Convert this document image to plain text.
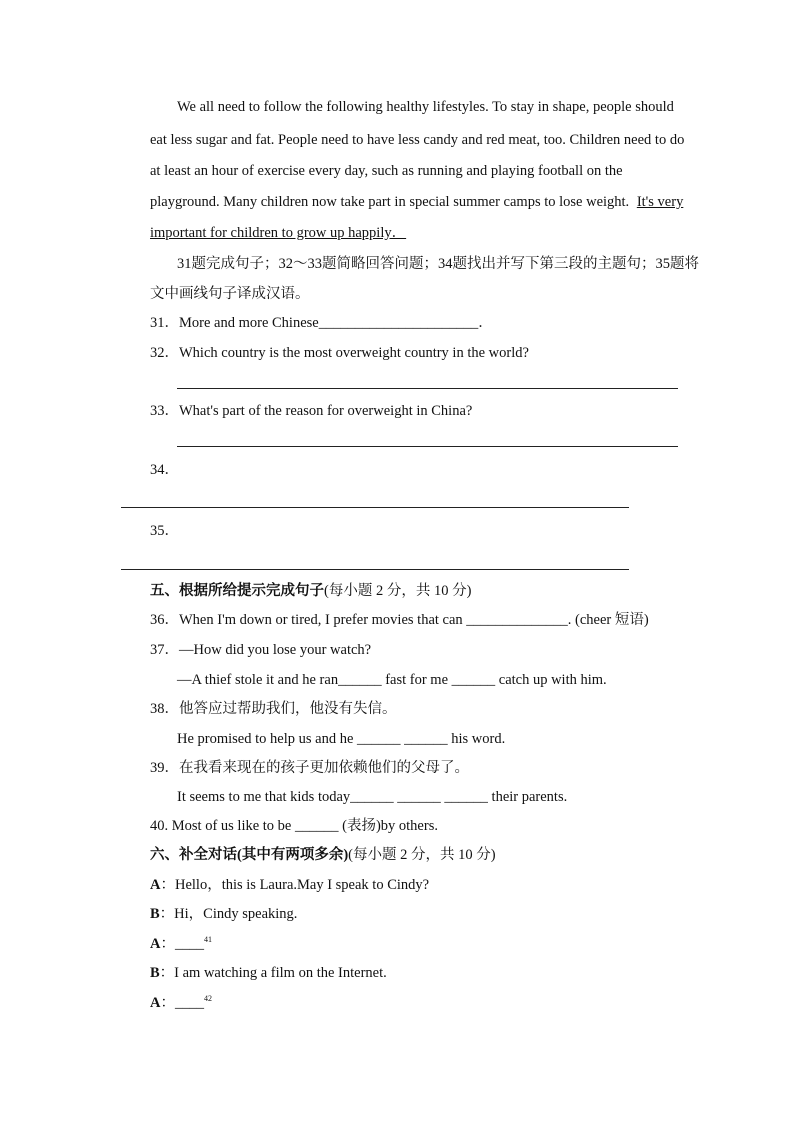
We all need to follow the following healthy lifestyles. To stay in shape, people should
eat less sugar and fat. People need to have less candy and red meat, too. Children need to do
at least an hour of exercise every day, such as running and playing football on the
playground. Many children now take part in special summer camps to lose weight. It's very
important for children to grow up happily．
31题完成句子；32～33题简略回答问题；34题找出并写下第三段的主题句；35题将
文中画线句子译成汉语。
31．More and more Chinese______________________．
32．Which country is the most overweight country in the world?
33．What's part of the reason for overweight in China?
34．
35．
五、根据所给提示完成句子(每小题 2 分，共 10 分)
36．When I'm down or tired, I prefer movies that can ______________. (cheer 短语)
37．—How did you lose your watch?
—A thief stole it and he ran______ fast for me ______ catch up with him.
38．他答应过帮助我们，他没有失信。
He promised to help us and he ______ ______ his word.
39．在我看来现在的孩子更加依赖他们的父母了。
It seems to me that kids today______ ______ ______ their parents.
40. Most of us like to be ______ (表扬)by others.
六、补全对话(其中有两项多余)(每小题 2 分，共 10 分)
A：Hello，this is Laura.May I speak to Cindy?
B：Hi，Cindy speaking.
A：____$^{41}$
B：I am watching a film on the Internet.
A：____$^{42}$
